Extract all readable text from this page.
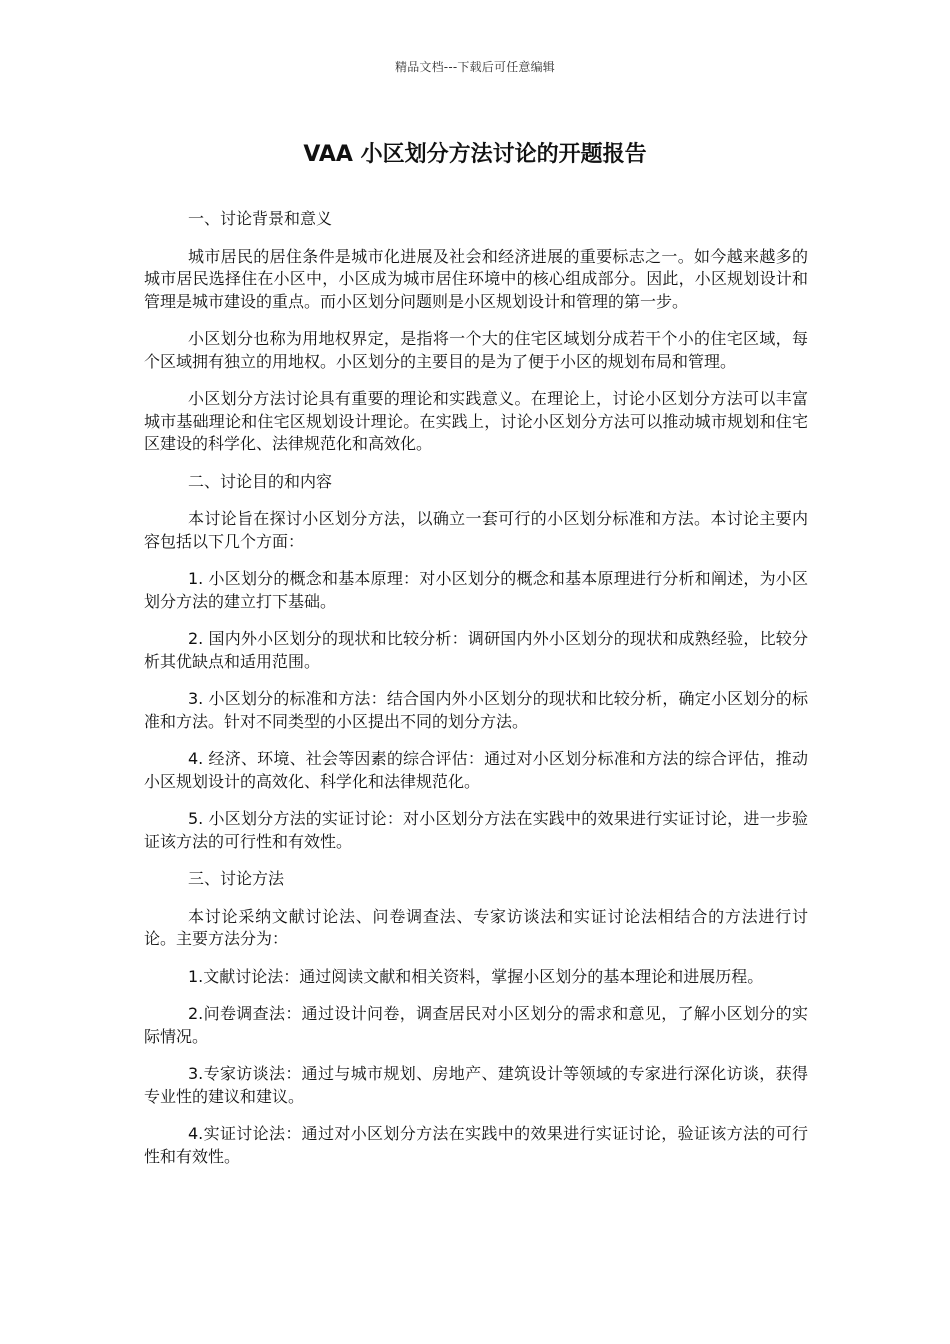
精品文档---下载后可任意编辑
VAA 小区划分方法讨论的开题报告

一、讨论背景和意义

城市居民的居住条件是城市化进展及社会和经济进展的重要标志之一。如今越来越多的城市居民选择住在小区中，小区成为城市居住环境中的核心组成部分。因此，小区规划设计和管理是城市建设的重点。而小区划分问题则是小区规划设计和管理的第一步。

小区划分也称为用地权界定，是指将一个大的住宅区域划分成若干个小的住宅区域，每个区域拥有独立的用地权。小区划分的主要目的是为了便于小区的规划布局和管理。

小区划分方法讨论具有重要的理论和实践意义。在理论上，讨论小区划分方法可以丰富城市基础理论和住宅区规划设计理论。在实践上，讨论小区划分方法可以推动城市规划和住宅区建设的科学化、法律规范化和高效化。

二、讨论目的和内容

本讨论旨在探讨小区划分方法，以确立一套可行的小区划分标准和方法。本讨论主要内容包括以下几个方面：

1. 小区划分的概念和基本原理：对小区划分的概念和基本原理进行分析和阐述，为小区划分方法的建立打下基础。

2. 国内外小区划分的现状和比较分析：调研国内外小区划分的现状和成熟经验，比较分析其优缺点和适用范围。

3. 小区划分的标准和方法：结合国内外小区划分的现状和比较分析，确定小区划分的标准和方法。针对不同类型的小区提出不同的划分方法。

4. 经济、环境、社会等因素的综合评估：通过对小区划分标准和方法的综合评估，推动小区规划设计的高效化、科学化和法律规范化。

5. 小区划分方法的实证讨论：对小区划分方法在实践中的效果进行实证讨论，进一步验证该方法的可行性和有效性。

三、讨论方法

本讨论采纳文献讨论法、问卷调查法、专家访谈法和实证讨论法相结合的方法进行讨论。主要方法分为：

1.文献讨论法：通过阅读文献和相关资料，掌握小区划分的基本理论和进展历程。

2.问卷调查法：通过设计问卷，调查居民对小区划分的需求和意见，了解小区划分的实际情况。

3.专家访谈法：通过与城市规划、房地产、建筑设计等领域的专家进行深化访谈，获得专业性的建议和建议。

4.实证讨论法：通过对小区划分方法在实践中的效果进行实证讨论，验证该方法的可行性和有效性。
